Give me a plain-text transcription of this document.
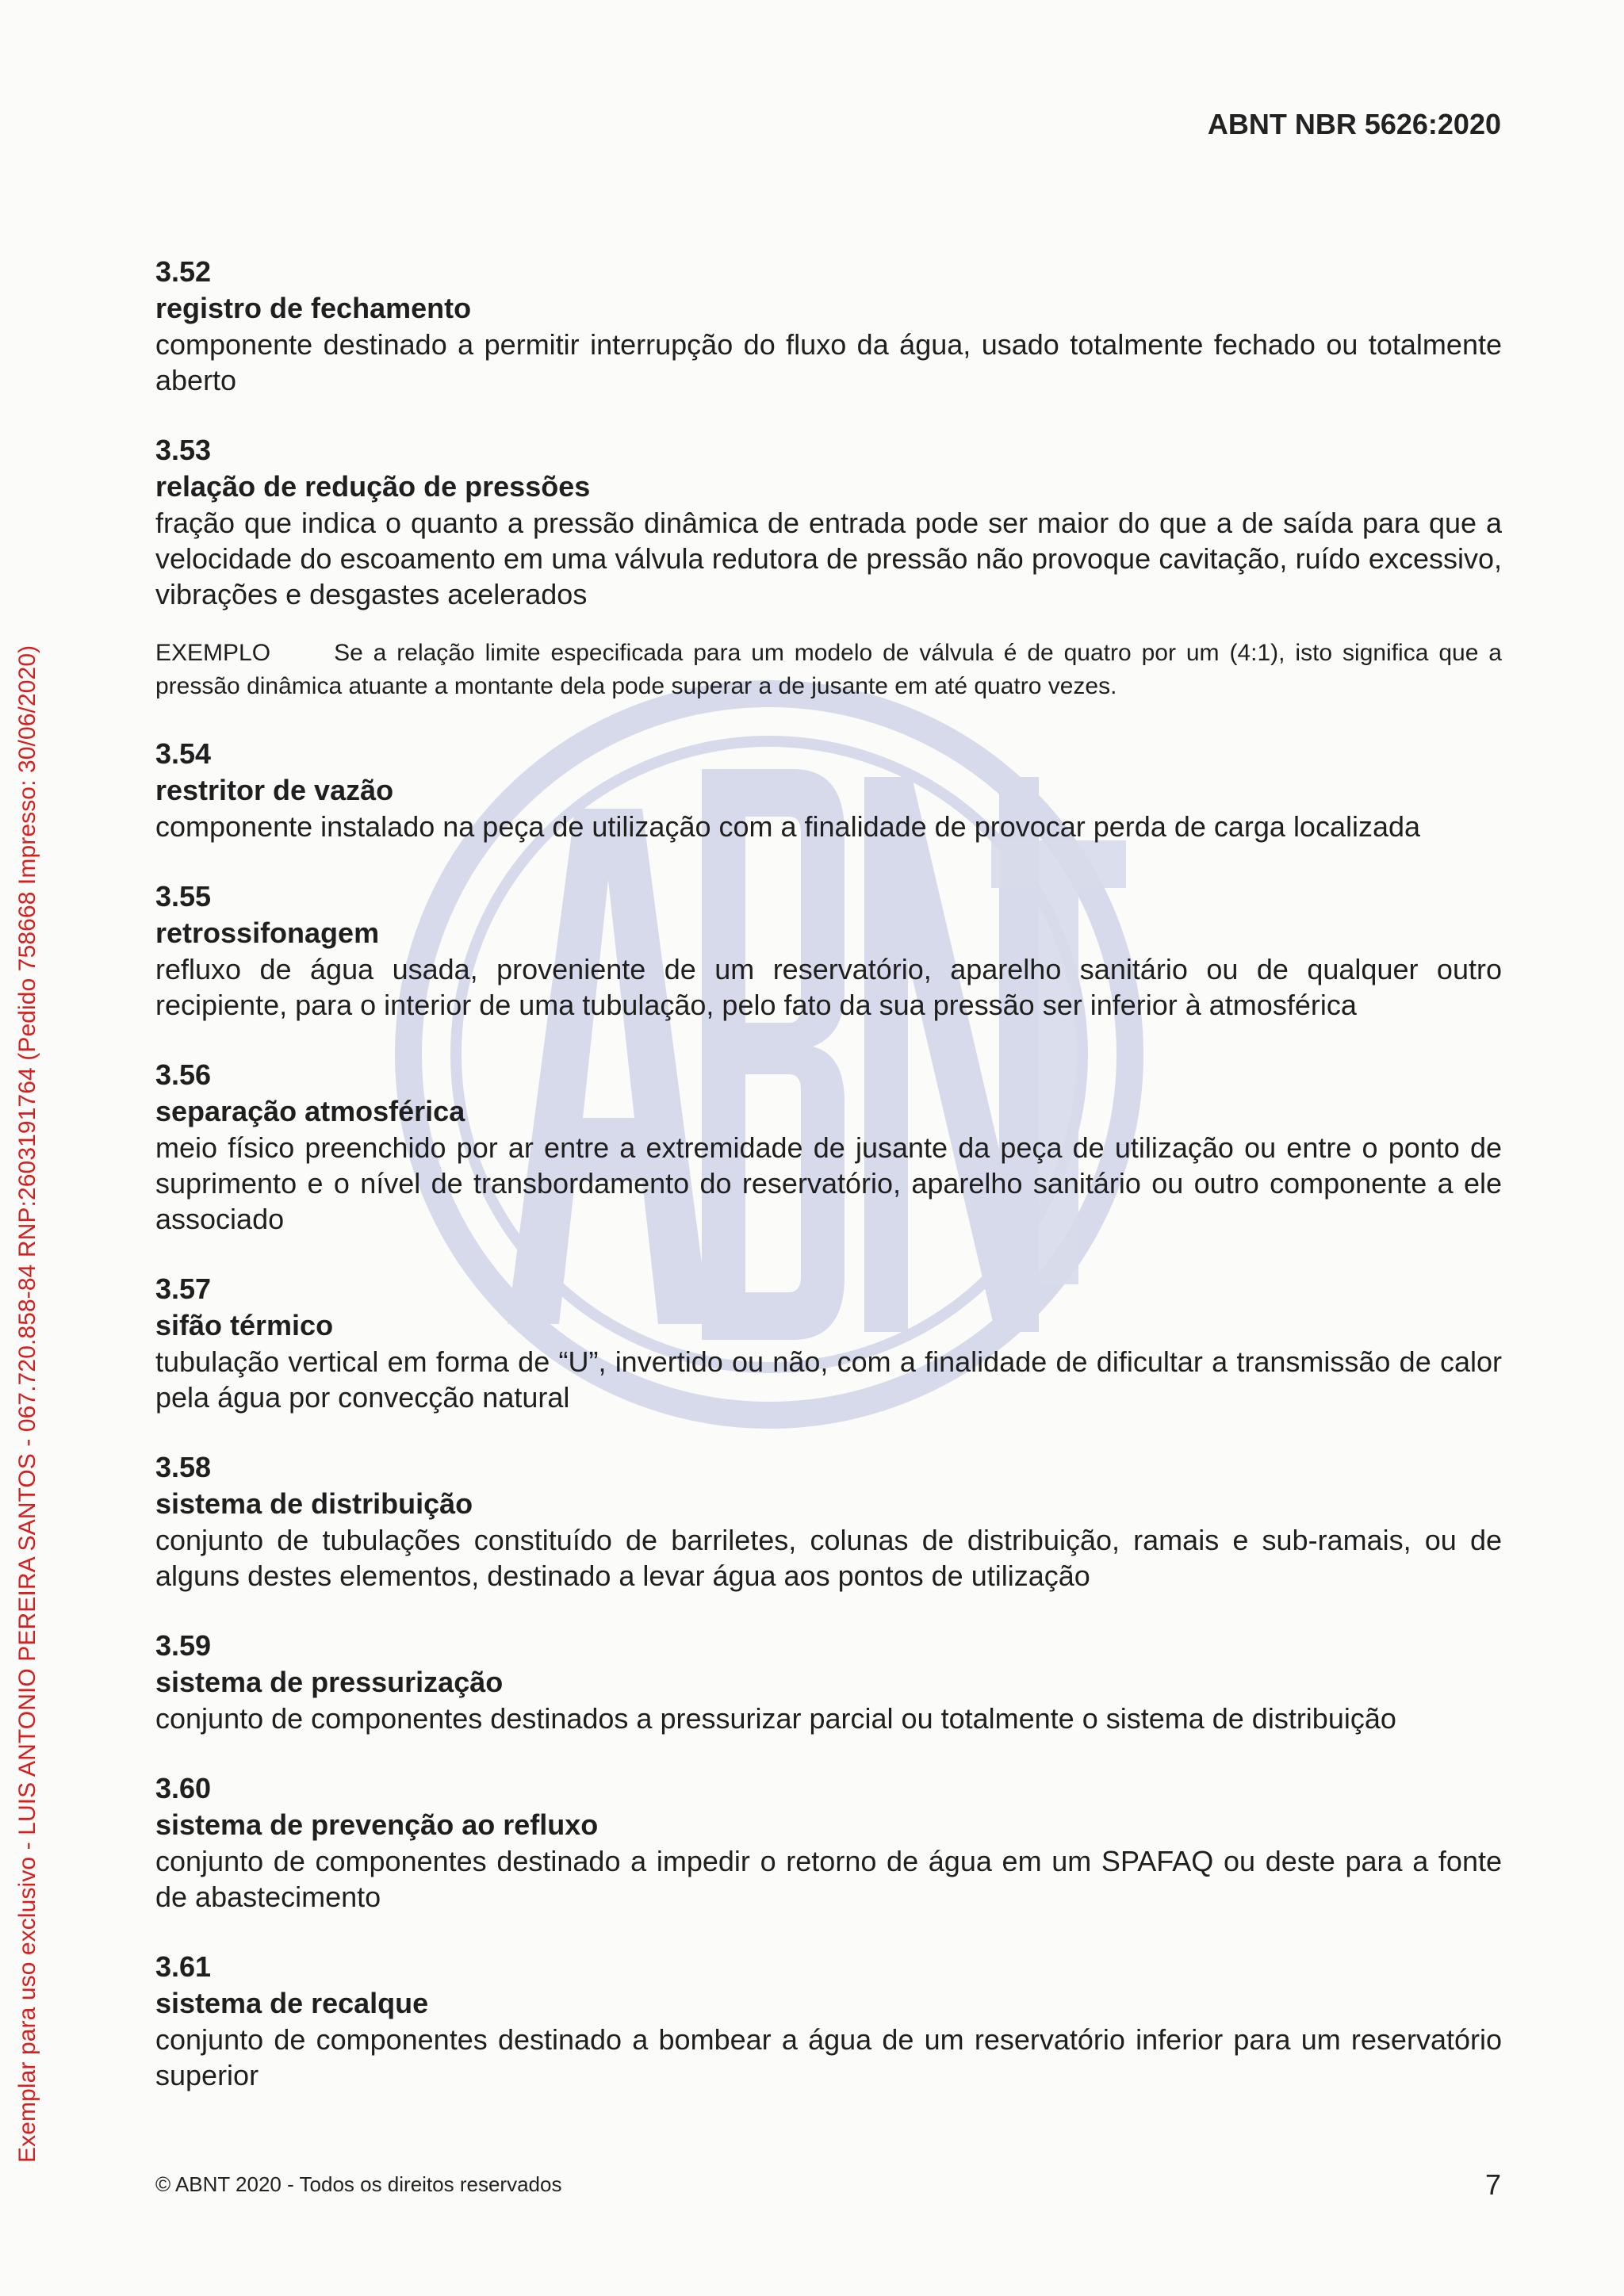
Exemplar para uso exclusivo - LUIS ANTONIO PEREIRA SANTOS - 067.720.858-84 RNP:2603191764 (Pedido 758668 Impresso: 30/06/2020)
ABNT NBR 5626:2020
3.52
registro de fechamento
componente destinado a permitir interrupção do fluxo da água, usado totalmente fechado ou totalmente aberto
3.53
relação de redução de pressões
fração que indica o quanto a pressão dinâmica de entrada pode ser maior do que a de saída para que a velocidade do escoamento em uma válvula redutora de pressão não provoque cavitação, ruído excessivo, vibrações e desgastes acelerados
EXEMPLO	Se a relação limite especificada para um modelo de válvula é de quatro por um (4:1), isto significa que a pressão dinâmica atuante a montante dela pode superar a de jusante em até quatro vezes.
3.54
restritor de vazão
componente instalado na peça de utilização com a finalidade de provocar perda de carga localizada
3.55
retrossifonagem
refluxo de água usada, proveniente de um reservatório, aparelho sanitário ou de qualquer outro recipiente, para o interior de uma tubulação, pelo fato da sua pressão ser inferior à atmosférica
3.56
separação atmosférica
meio físico preenchido por ar entre a extremidade de jusante da peça de utilização ou entre o ponto de suprimento e o nível de transbordamento do reservatório, aparelho sanitário ou outro componente a ele associado
3.57
sifão térmico
tubulação vertical em forma de “U”, invertido ou não, com a finalidade de dificultar a transmissão de calor pela água por convecção natural
3.58
sistema de distribuição
conjunto de tubulações constituído de barriletes, colunas de distribuição, ramais e sub-ramais, ou de alguns destes elementos, destinado a levar água aos pontos de utilização
3.59
sistema de pressurização
conjunto de componentes destinados a pressurizar parcial ou totalmente o sistema de distribuição
3.60
sistema de prevenção ao refluxo
conjunto de componentes destinado a impedir o retorno de água em um SPAFAQ ou deste para a fonte de abastecimento
3.61
sistema de recalque
conjunto de componentes destinado a bombear a água de um reservatório inferior para um reservatório superior
© ABNT 2020 - Todos os direitos reservados	7
